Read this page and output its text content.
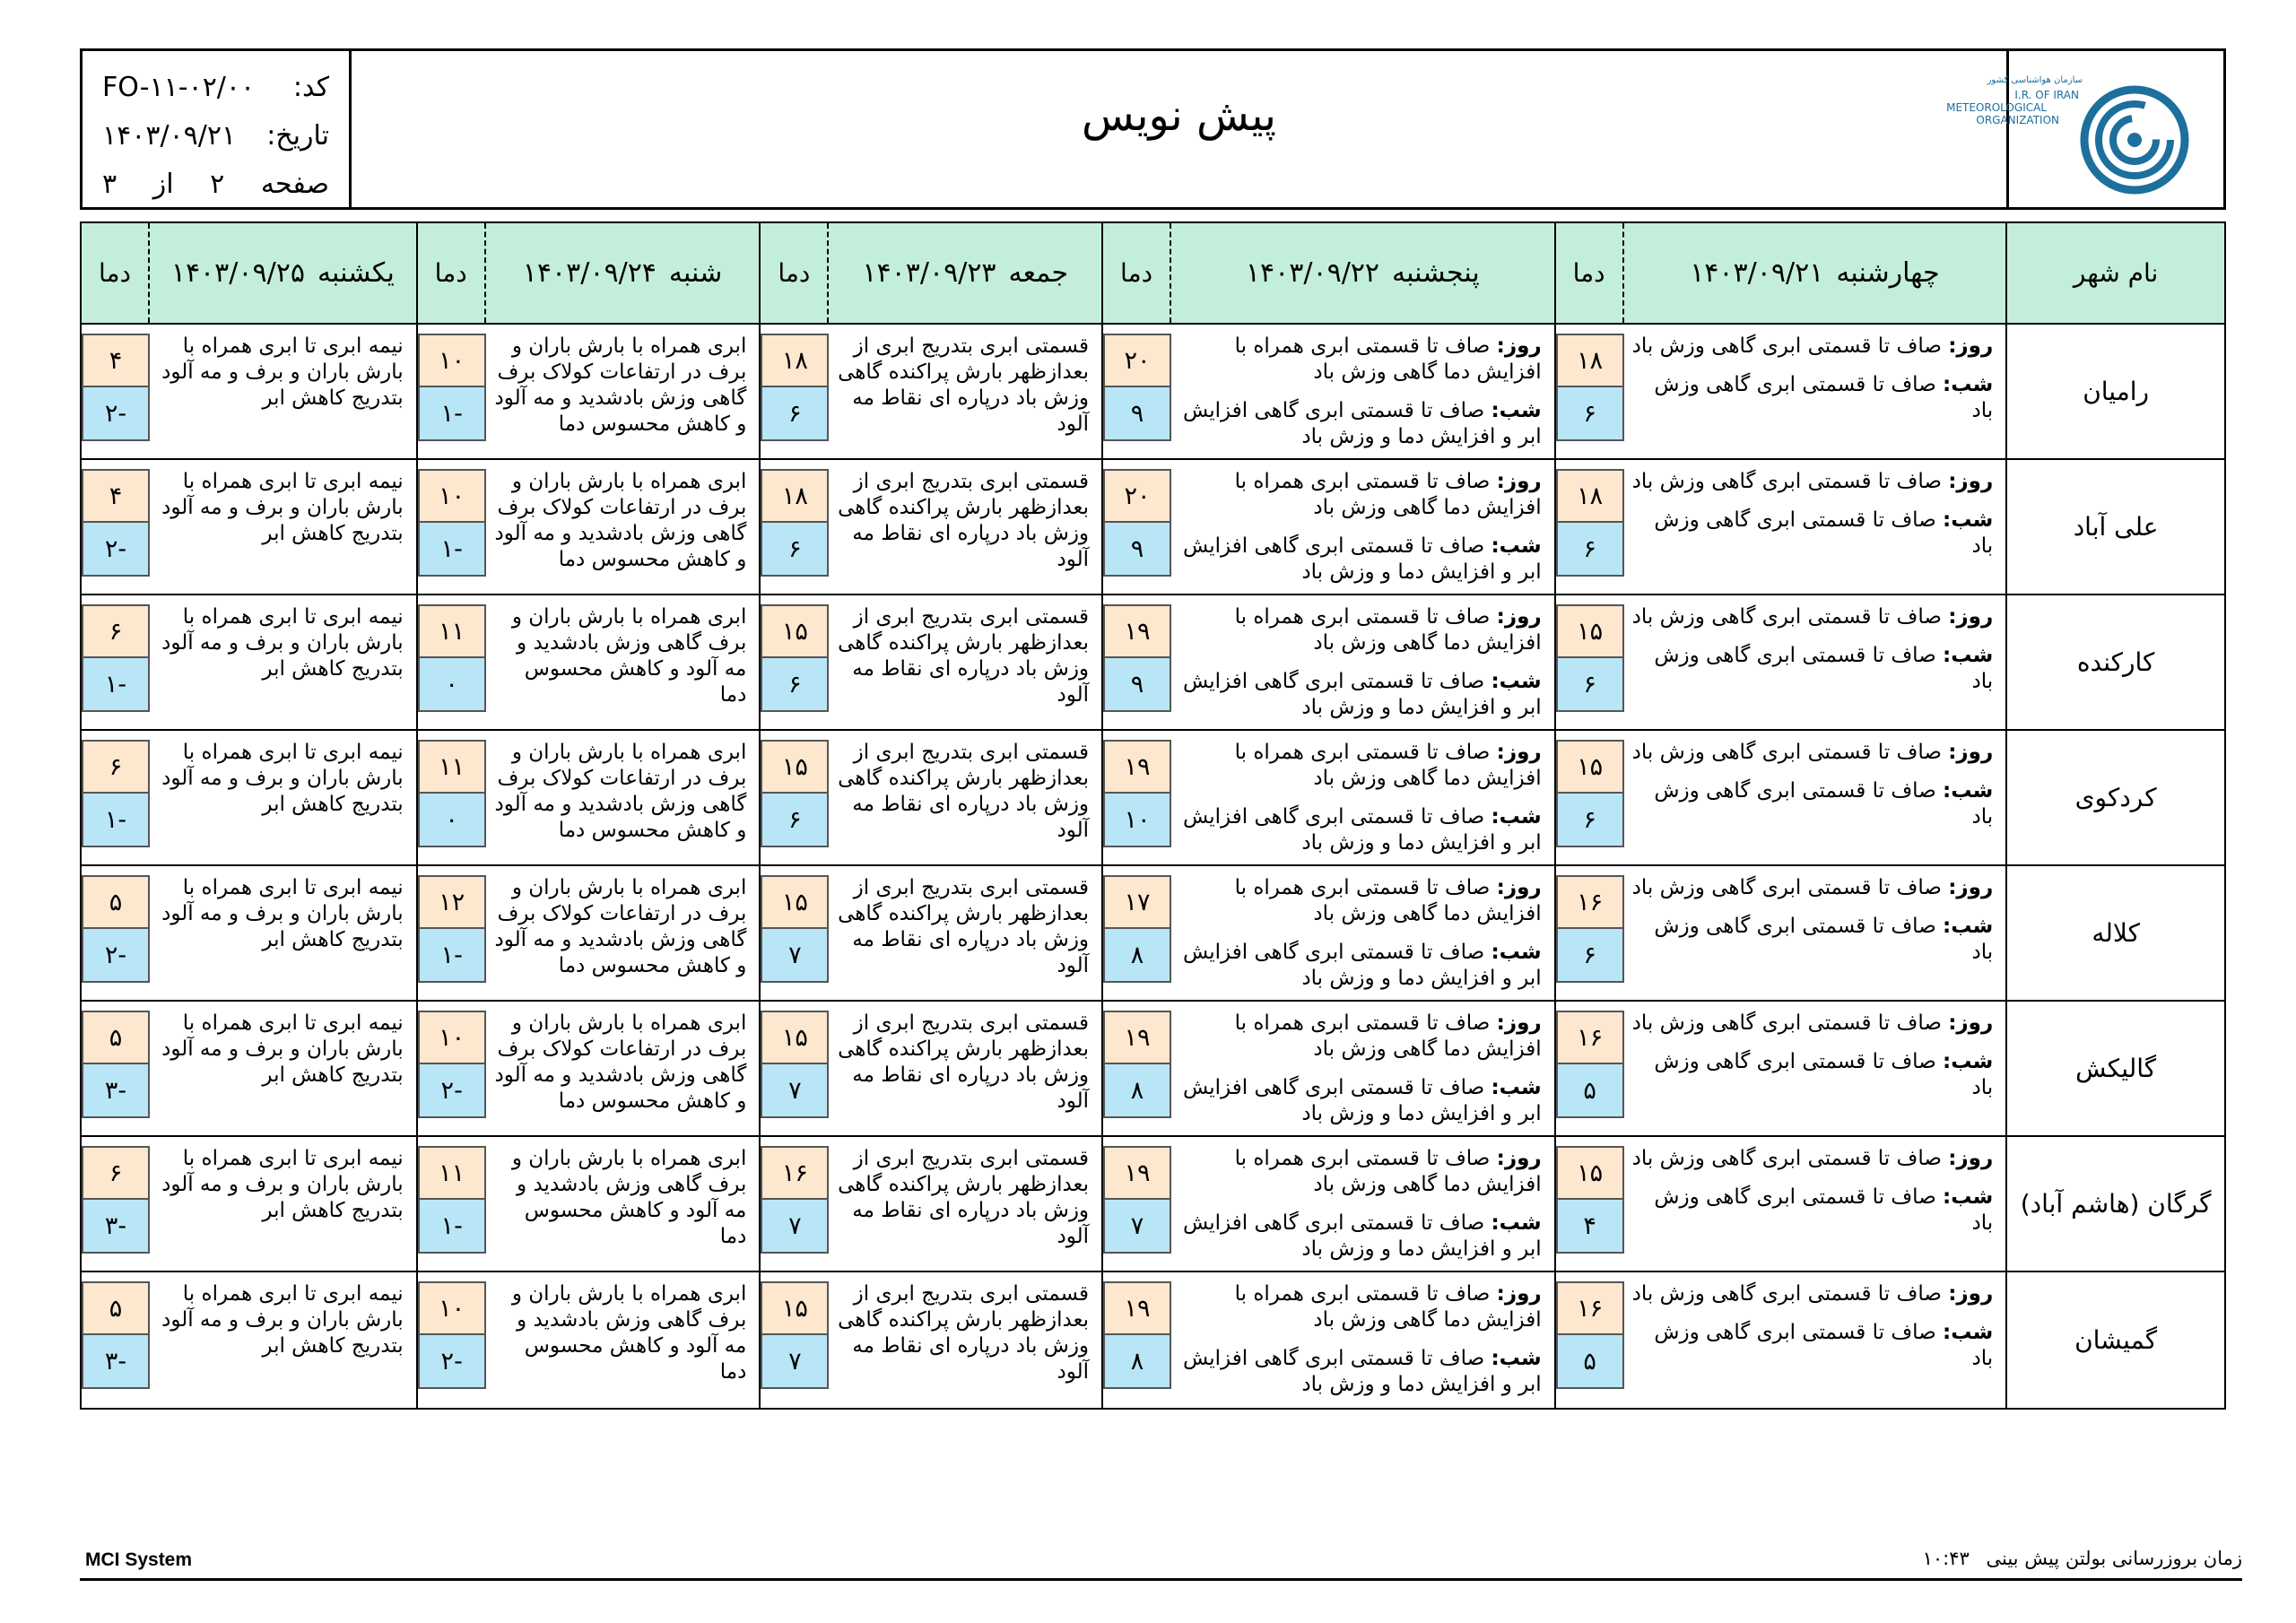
سازمان هواشناسی کشور
I.R. OF IRAN
METEOROLOGICAL
ORGANIZATION
پیش نویس
کد:
FO-۱۱-۰۲/۰۰
تاریخ:
۱۴۰۳/۰۹/۲۱
صفحه
۲
از
۳
نام شهر
چهارشنبه
۱۴۰۳/۰۹/۲۱
دما
پنجشنبه
۱۴۰۳/۰۹/۲۲
دما
جمعه
۱۴۰۳/۰۹/۲۳
دما
شنبه
۱۴۰۳/۰۹/۲۴
دما
یکشنبه
۱۴۰۳/۰۹/۲۵
دما
رامیان
روز: صاف تا قسمتی ابری گاهی وزش باد
شب: صاف تا قسمتی ابری گاهی وزش باد
۱۸
۶
روز: صاف تا قسمتی ابری همراه با افزایش دما گاهی وزش باد
شب: صاف تا قسمتی ابری گاهی افزایش ابر و افزایش دما و وزش باد
۲۰
۹
قسمتی ابری بتدریج ابری از بعدازظهر بارش پراکنده گاهی وزش باد درپاره ای نقاط مه آلود
۱۸
۶
ابری همراه با بارش باران و برف در ارتفاعات کولاک برف گاهی وزش بادشدید و مه آلود و کاهش محسوس دما
۱۰
-۱
نیمه ابری تا ابری همراه با بارش باران و برف و مه آلود بتدریج کاهش ابر
۴
-۲
علی آباد
روز: صاف تا قسمتی ابری گاهی وزش باد
شب: صاف تا قسمتی ابری گاهی وزش باد
۱۸
۶
روز: صاف تا قسمتی ابری همراه با افزایش دما گاهی وزش باد
شب: صاف تا قسمتی ابری گاهی افزایش ابر و افزایش دما و وزش باد
۲۰
۹
قسمتی ابری بتدریج ابری از بعدازظهر بارش پراکنده گاهی وزش باد درپاره ای نقاط مه آلود
۱۸
۶
ابری همراه با بارش باران و برف در ارتفاعات کولاک برف گاهی وزش بادشدید و مه آلود و کاهش محسوس دما
۱۰
-۱
نیمه ابری تا ابری همراه با بارش باران و برف و مه آلود بتدریج کاهش ابر
۴
-۲
کارکنده
روز: صاف تا قسمتی ابری گاهی وزش باد
شب: صاف تا قسمتی ابری گاهی وزش باد
۱۵
۶
روز: صاف تا قسمتی ابری همراه با افزایش دما گاهی وزش باد
شب: صاف تا قسمتی ابری گاهی افزایش ابر و افزایش دما و وزش باد
۱۹
۹
قسمتی ابری بتدریج ابری از بعدازظهر بارش پراکنده گاهی وزش باد درپاره ای نقاط مه آلود
۱۵
۶
ابری همراه با بارش باران و برف گاهی وزش بادشدید و مه آلود و کاهش محسوس دما
۱۱
۰
نیمه ابری تا ابری همراه با بارش باران و برف و مه آلود بتدریج کاهش ابر
۶
-۱
کردکوی
روز: صاف تا قسمتی ابری گاهی وزش باد
شب: صاف تا قسمتی ابری گاهی وزش باد
۱۵
۶
روز: صاف تا قسمتی ابری همراه با افزایش دما گاهی وزش باد
شب: صاف تا قسمتی ابری گاهی افزایش ابر و افزایش دما و وزش باد
۱۹
۱۰
قسمتی ابری بتدریج ابری از بعدازظهر بارش پراکنده گاهی وزش باد درپاره ای نقاط مه آلود
۱۵
۶
ابری همراه با بارش باران و برف در ارتفاعات کولاک برف گاهی وزش بادشدید و مه آلود و کاهش محسوس دما
۱۱
۰
نیمه ابری تا ابری همراه با بارش باران و برف و مه آلود بتدریج کاهش ابر
۶
-۱
کلاله
روز: صاف تا قسمتی ابری گاهی وزش باد
شب: صاف تا قسمتی ابری گاهی وزش باد
۱۶
۶
روز: صاف تا قسمتی ابری همراه با افزایش دما گاهی وزش باد
شب: صاف تا قسمتی ابری گاهی افزایش ابر و افزایش دما و وزش باد
۱۷
۸
قسمتی ابری بتدریج ابری از بعدازظهر بارش پراکنده گاهی وزش باد درپاره ای نقاط مه آلود
۱۵
۷
ابری همراه با بارش باران و برف در ارتفاعات کولاک برف گاهی وزش بادشدید و مه آلود و کاهش محسوس دما
۱۲
-۱
نیمه ابری تا ابری همراه با بارش باران و برف و مه آلود بتدریج کاهش ابر
۵
-۲
گالیکش
روز: صاف تا قسمتی ابری گاهی وزش باد
شب: صاف تا قسمتی ابری گاهی وزش باد
۱۶
۵
روز: صاف تا قسمتی ابری همراه با افزایش دما گاهی وزش باد
شب: صاف تا قسمتی ابری گاهی افزایش ابر و افزایش دما و وزش باد
۱۹
۸
قسمتی ابری بتدریج ابری از بعدازظهر بارش پراکنده گاهی وزش باد درپاره ای نقاط مه آلود
۱۵
۷
ابری همراه با بارش باران و برف در ارتفاعات کولاک برف گاهی وزش بادشدید و مه آلود و کاهش محسوس دما
۱۰
-۲
نیمه ابری تا ابری همراه با بارش باران و برف و مه آلود بتدریج کاهش ابر
۵
-۳
گرگان (هاشم آباد)
روز: صاف تا قسمتی ابری گاهی وزش باد
شب: صاف تا قسمتی ابری گاهی وزش باد
۱۵
۴
روز: صاف تا قسمتی ابری همراه با افزایش دما گاهی وزش باد
شب: صاف تا قسمتی ابری گاهی افزایش ابر و افزایش دما و وزش باد
۱۹
۷
قسمتی ابری بتدریج ابری از بعدازظهر بارش پراکنده گاهی وزش باد درپاره ای نقاط مه آلود
۱۶
۷
ابری همراه با بارش باران و برف گاهی وزش بادشدید و مه آلود و کاهش محسوس دما
۱۱
-۱
نیمه ابری تا ابری همراه با بارش باران و برف و مه آلود بتدریج کاهش ابر
۶
-۳
گمیشان
روز: صاف تا قسمتی ابری گاهی وزش باد
شب: صاف تا قسمتی ابری گاهی وزش باد
۱۶
۵
روز: صاف تا قسمتی ابری همراه با افزایش دما گاهی وزش باد
شب: صاف تا قسمتی ابری گاهی افزایش ابر و افزایش دما و وزش باد
۱۹
۸
قسمتی ابری بتدریج ابری از بعدازظهر بارش پراکنده گاهی وزش باد درپاره ای نقاط مه آلود
۱۵
۷
ابری همراه با بارش باران و برف گاهی وزش بادشدید و مه آلود و کاهش محسوس دما
۱۰
-۲
نیمه ابری تا ابری همراه با بارش باران و برف و مه آلود بتدریج کاهش ابر
۵
-۳
MCI System	زمان بروزرسانی بولتن پیش بینی ۱۰:۴۳
